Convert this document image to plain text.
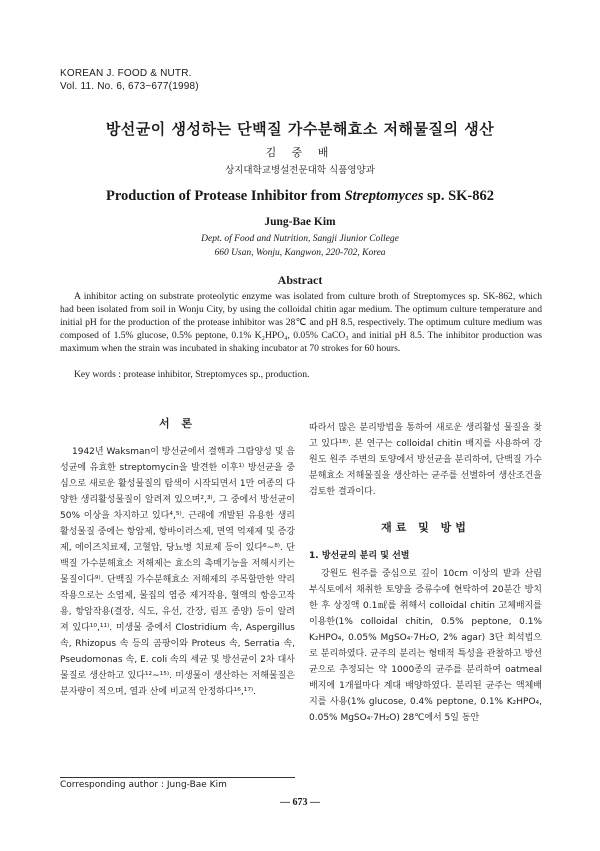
KOREAN J. FOOD & NUTR.
Vol. 11. No. 6, 673~677(1998)
방선균이 생성하는 단백질 가수분해효소 저해물질의 생산
김 중 배
상지대학교병설전문대학 식품영양과
Production of Protease Inhibitor from Streptomyces sp. SK-862
Jung-Bae Kim
Dept. of Food and Nutrition, Sangji Jiunior College
660 Usan, Wonju, Kangwon, 220-702, Korea
Abstract

A inhibitor acting on substrate proteolytic enzyme was isolated from culture broth of Streptomyces sp. SK-862, which had been isolated from soil in Wonju City, by using the colloidal chitin agar medium. The optimum culture temperature and initial pH for the production of the protease inhibitor was 28℃ and pH 8.5, respectively. The optimum culture medium was composed of 1.5% glucose, 0.5% peptone, 0.1% K₂HPO₄, 0.05% CaCO₃ and initial pH 8.5. The inhibitor production was maximum when the strain was incubated in shaking incubator at 70 strokes for 60 hours.

Key words : protease inhibitor, Streptomyces sp., production.
서 론

1942년 Waksman이 방선균에서 결핵과 그람양성 및 음성균에 유효한 streptomycin을 발견한 이후¹⁾ 방선균을 중심으로 새로운 활성물질의 탐색이 시작되면서 1만 여종의 다양한 생리활성물질이 알려져 있으며²,³⁾, 그 중에서 방선균이 50% 이상을 차지하고 있다⁴,⁵⁾. 근래에 개발된 유용한 생리활성물질 중에는 항암제, 항바이러스제, 면역 억제제 및 증강제, 에이즈치료제, 고혈압, 당뇨병 치료제 등이 있다⁶~⁸⁾. 단백질 가수분해효소 저해제는 효소의 촉매기능을 저해시키는 물질이다⁹⁾. 단백질 가수분해효소 저해제의 주목할만한 약리작용으로는 소염제, 물집의 염증 제거작용, 혈액의 항응고작용, 항암작용(결장, 식도, 유선, 간장, 림프 종양) 등이 알려져 있다¹⁰,¹¹⁾. 미생물 중에서 Clostridium 속, Aspergillus 속, Rhizopus 속 등의 곰팡이와 Proteus 속, Serratia 속, Pseudomonas 속, E. coli 속의 세균 및 방선균이 2차 대사물질로 생산하고 있다¹²~¹⁵⁾. 미생물이 생산하는 저해물질은 분자량이 적으며, 열과 산에 비교적 안정하다¹⁶,¹⁷⁾.

따라서 많은 분리방법을 통하여 새로운 생리활성 물질을 찾고 있다¹⁸⁾. 본 연구는 colloidal chitin 배지를 사용하여 강원도 원주 주변의 토양에서 방선균을 분리하여, 단백질 가수분해효소 저해물질을 생산하는 균주를 선별하여 생산조건을 검토한 결과이다.

재료 및 방법

1. 방선균의 분리 및 선별

강원도 원주를 중심으로 깊이 10cm 이상의 밭과 산림 부식토에서 채취한 토양을 증류수에 현탁하여 20분간 방치한 후 상징액 0.1㎖를 취해서 colloidal chitin 고체배지를 이용한(1% colloidal chitin, 0.5% peptone, 0.1% K₂HPO₄, 0.05% MgSO₄·7H₂O, 2% agar) 3단 희석법으로 분리하였다. 균주의 분리는 형태적 특성을 관찰하고 방선균으로 추정되는 약 1000종의 균주를 분리하여 oatmeal 배지에 1개월마다 계대 배양하였다. 분리된 균주는 액체배지를 사용(1% glucose, 0.4% peptone, 0.1% K₂HPO₄, 0.05% MgSO₄·7H₂O) 28℃에서 5일 동안

Corresponding author : Jung-Bae Kim
— 673 —
